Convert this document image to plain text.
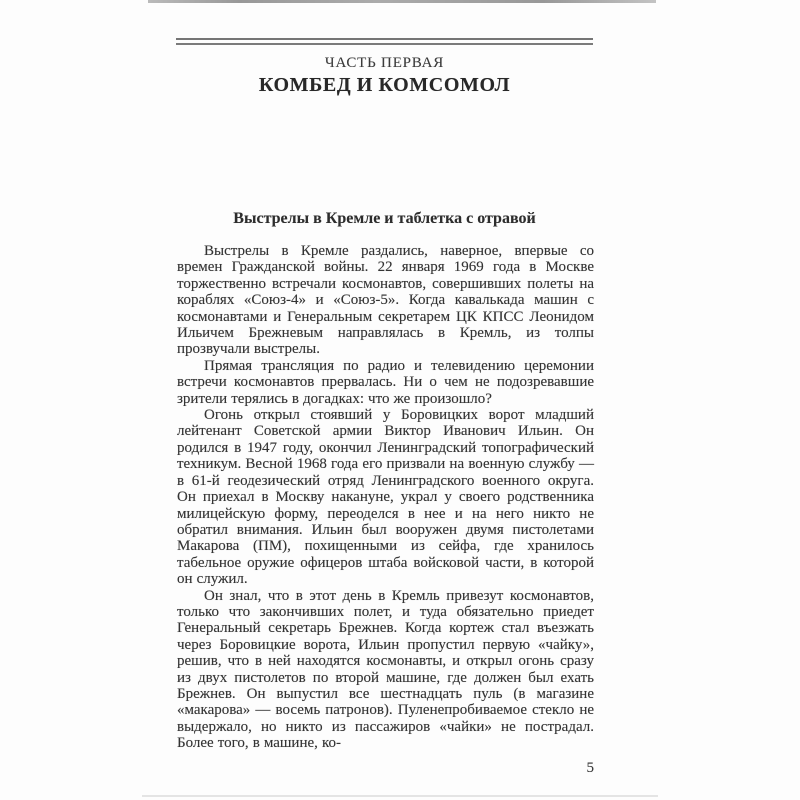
ЧАСТЬ ПЕРВАЯ
КОМБЕД И КОМСОМОЛ
Выстрелы в Кремле и таблетка с отравой

Выстрелы в Кремле раздались, наверное, впервые со времен Гражданской войны. 22 января 1969 года в Москве торжественно встречали космонавтов, совершивших полеты на кораблях «Союз-4» и «Союз-5». Когда кавалькада машин с космонавтами и Генеральным секретарем ЦК КПСС Леонидом Ильичем Брежневым направлялась в Кремль, из толпы прозвучали выстрелы.

Прямая трансляция по радио и телевидению церемонии встречи космонавтов прервалась. Ни о чем не подозревавшие зрители терялись в догадках: что же произошло?

Огонь открыл стоявший у Боровицких ворот младший лейтенант Советской армии Виктор Иванович Ильин. Он родился в 1947 году, окончил Ленинградский топографический техникум. Весной 1968 года его призвали на военную службу — в 61-й геодезический отряд Ленинградского военного округа. Он приехал в Москву накануне, украл у своего родственника милицейскую форму, переоделся в нее и на него никто не обратил внимания. Ильин был вооружен двумя пистолетами Макарова (ПМ), похищенными из сейфа, где хранилось табельное оружие офицеров штаба войсковой части, в которой он служил.

Он знал, что в этот день в Кремль привезут космонавтов, только что закончивших полет, и туда обязательно приедет Генеральный секретарь Брежнев. Когда кортеж стал въезжать через Боровицкие ворота, Ильин пропустил первую «чайку», решив, что в ней находятся космонавты, и открыл огонь сразу из двух пистолетов по второй машине, где должен был ехать Брежнев. Он выпустил все шестнадцать пуль (в магазине «макарова» — восемь патронов). Пуленепробиваемое стекло не выдержало, но никто из пассажиров «чайки» не пострадал. Более того, в машине, ко-

5
